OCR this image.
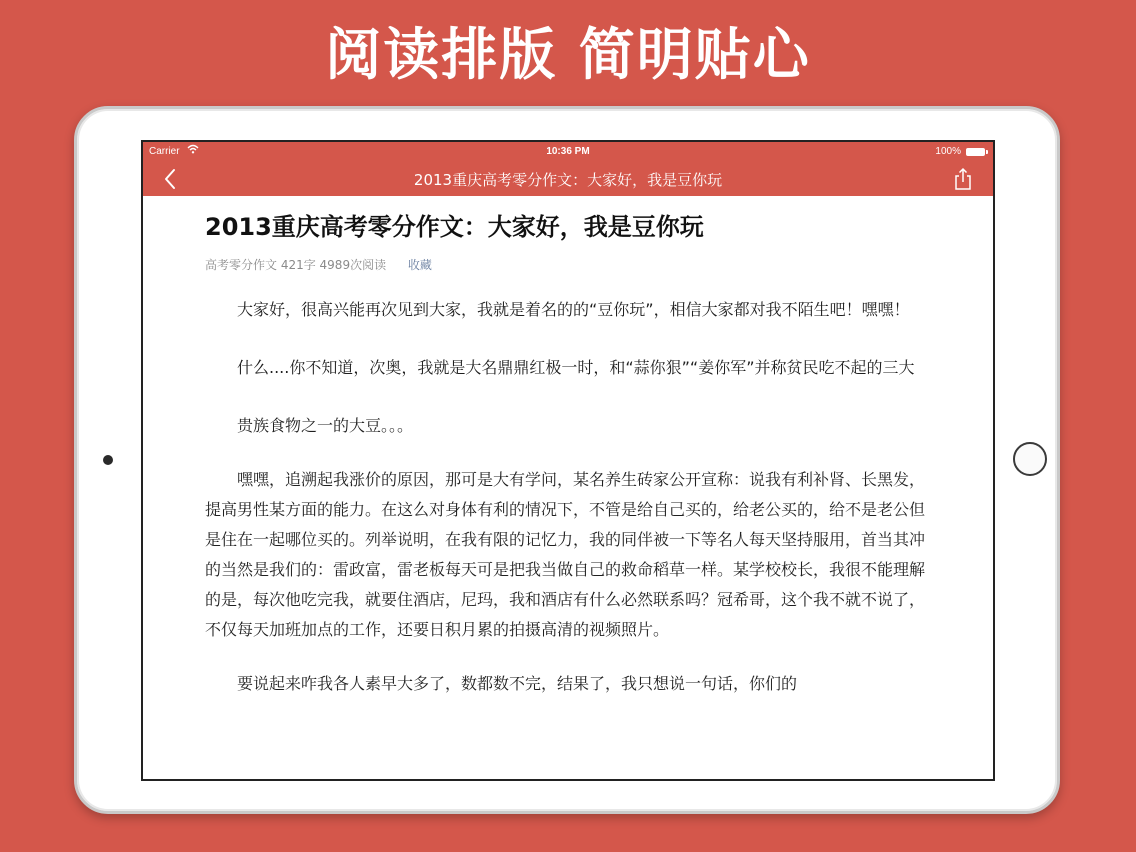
阅读排版 简明贴心
Carrier	10:36 PM	100%
2013重庆高考零分作文：大家好，我是豆你玩
2013重庆高考零分作文：大家好，我是豆你玩
高考零分作文 421字 4989次阅读 收藏

大家好，很高兴能再次见到大家，我就是着名的的“豆你玩”，相信大家都对我不陌生吧！嘿嘿！

什么....你不知道，次奥，我就是大名鼎鼎红极一时，和“蒜你狠”“姜你军”并称贫民吃不起的三大

贵族食物之一的大豆。。。

嘿嘿，追溯起我涨价的原因，那可是大有学问，某名养生砖家公开宣称：说我有利补肾、长黑发，提高男性某方面的能力。在这么对身体有利的情况下，不管是给自己买的，给老公买的，给不是老公但是住在一起哪位买的。列举说明，在我有限的记忆力，我的同伴被一下等名人每天坚持服用，首当其冲的当然是我们的：雷政富，雷老板每天可是把我当做自己的救命稻草一样。某学校校长，我很不能理解的是，每次他吃完我，就要住酒店，尼玛，我和酒店有什么必然联系吗？冠希哥，这个我不就不说了，不仅每天加班加点的工作，还要日积月累的拍摄高清的视频照片。

要说起来咋我各人素早大多了，数都数不完，结果了，我只想说一句话，你们的
